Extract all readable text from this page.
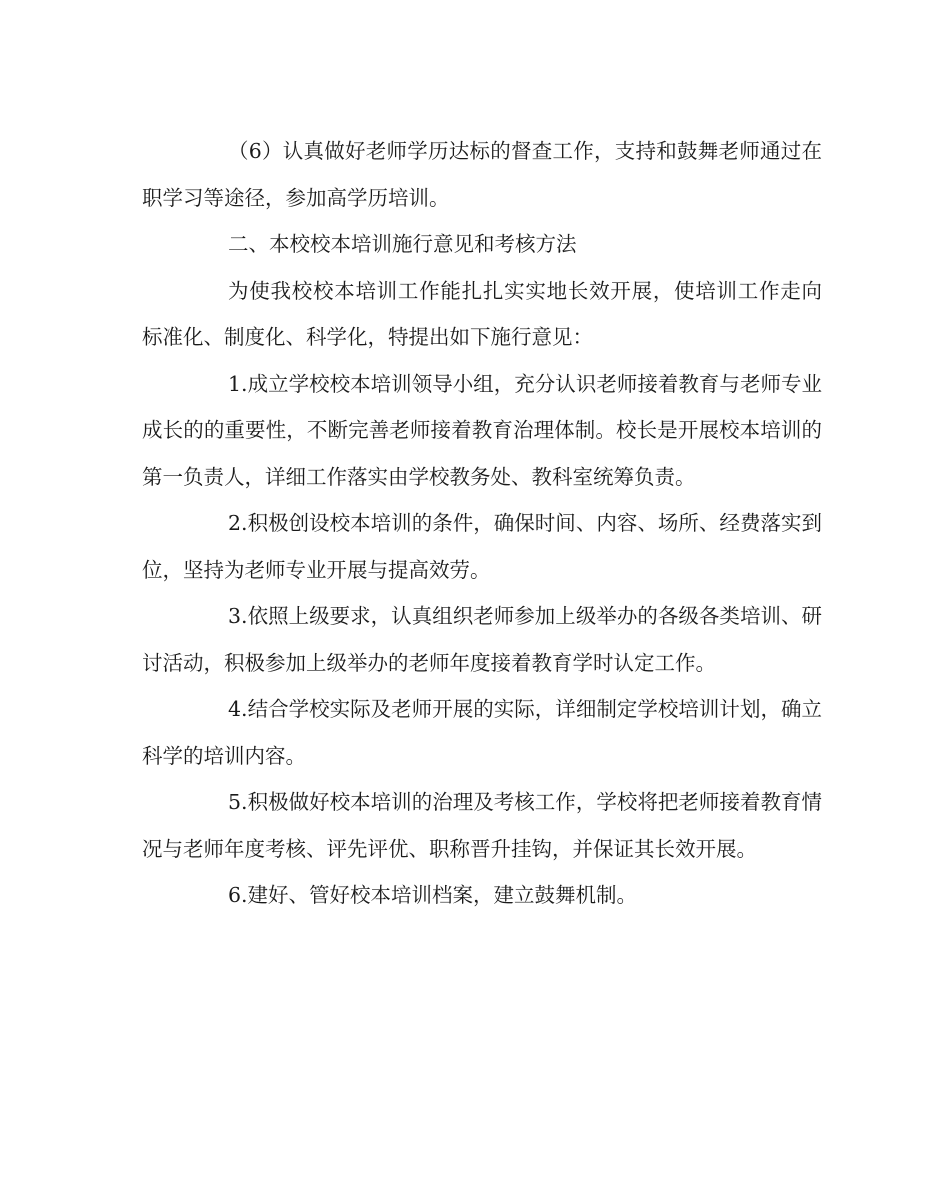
（6）认真做好老师学历达标的督查工作，支持和鼓舞老师通过在职学习等途径，参加高学历培训。

二、本校校本培训施行意见和考核方法

为使我校校本培训工作能扎扎实实地长效开展，使培训工作走向标准化、制度化、科学化，特提出如下施行意见：

1.成立学校校本培训领导小组，充分认识老师接着教育与老师专业成长的的重要性，不断完善老师接着教育治理体制。校长是开展校本培训的第一负责人，详细工作落实由学校教务处、教科室统筹负责。

2.积极创设校本培训的条件，确保时间、内容、场所、经费落实到位，坚持为老师专业开展与提高效劳。

3.依照上级要求，认真组织老师参加上级举办的各级各类培训、研讨活动，积极参加上级举办的老师年度接着教育学时认定工作。

4.结合学校实际及老师开展的实际，详细制定学校培训计划，确立科学的培训内容。

5.积极做好校本培训的治理及考核工作，学校将把老师接着教育情况与老师年度考核、评先评优、职称晋升挂钩，并保证其长效开展。

6.建好、管好校本培训档案，建立鼓舞机制。
